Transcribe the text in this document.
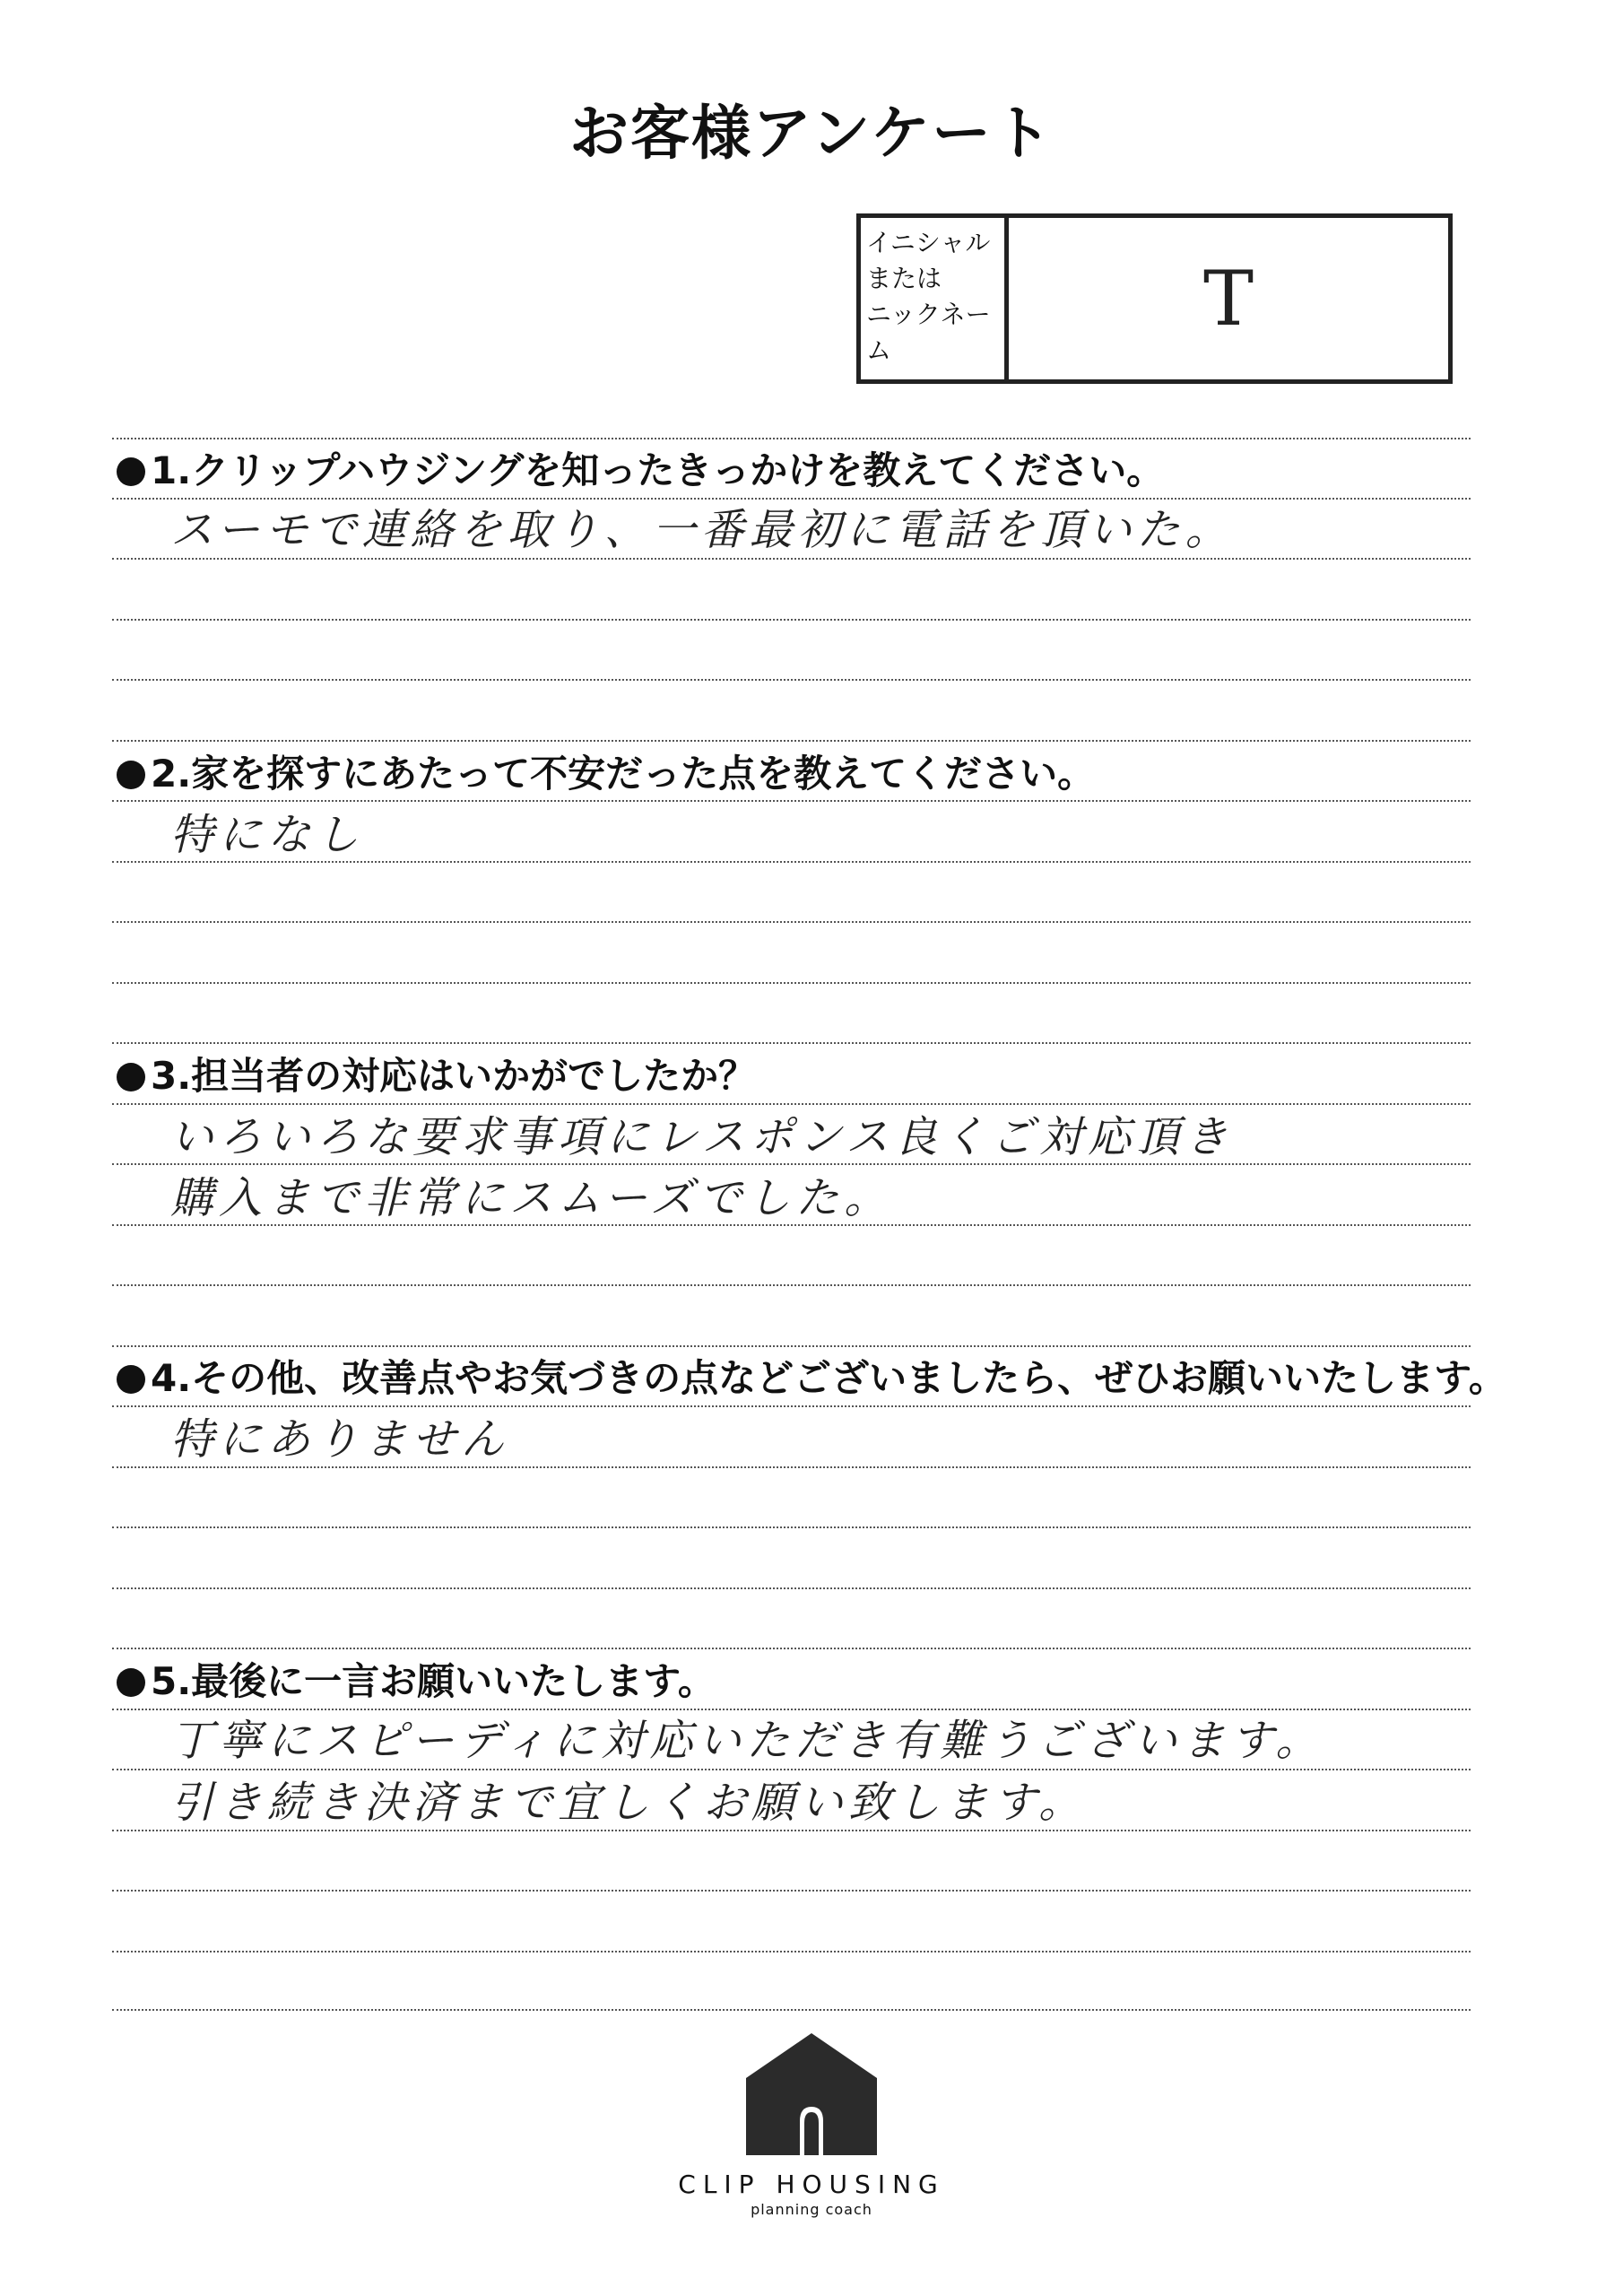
お客様アンケート
イニシャル
または
ニックネー
ム
T
1.クリップハウジングを知ったきっかけを教えてください。
スーモで連絡を取り、一番最初に電話を頂いた。
2.家を探すにあたって不安だった点を教えてください。
特になし
3.担当者の対応はいかがでしたか？
いろいろな要求事項にレスポンス良くご対応頂き
購入まで非常にスムーズでした。
4.その他、改善点やお気づきの点などございましたら、ぜひお願いいたします。
特にありません
5.最後に一言お願いいたします。
丁寧にスピーディに対応いただき有難うございます。
引き続き決済まで宜しくお願い致します。
CLIP HOUSING
planning coach
